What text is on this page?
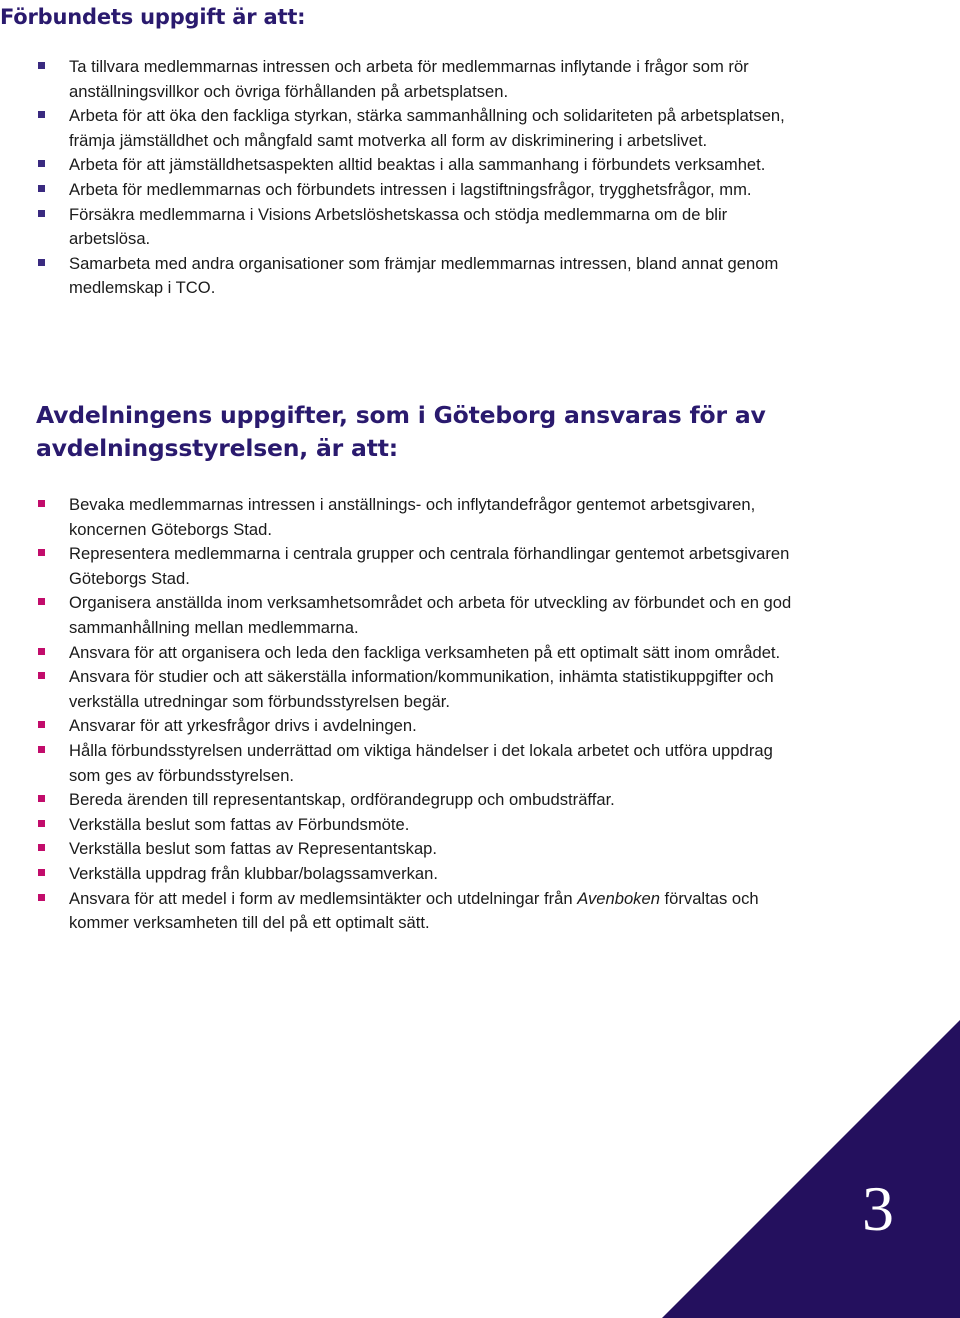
Förbundets uppgift är att:
Ta tillvara medlemmarnas intressen och arbeta för medlemmarnas inflytande i frågor som rör anställningsvillkor och övriga förhållanden på arbetsplatsen.
Arbeta för att öka den fackliga styrkan, stärka sammanhållning och solidariteten på arbetsplatsen, främja jämställdhet och mångfald samt motverka all form av diskriminering i arbetslivet.
Arbeta för att jämställdhetsaspekten alltid beaktas i alla sammanhang i förbundets verksamhet.
Arbeta för medlemmarnas och förbundets intressen i lagstiftningsfrågor, trygghetsfrågor, mm.
Försäkra medlemmarna i Visions Arbetslöshetskassa och stödja medlemmarna om de blir arbetslösa.
Samarbeta med andra organisationer som främjar medlemmarnas intressen, bland annat genom medlemskap i TCO.
Avdelningens uppgifter, som i Göteborg ansvaras för av avdelningsstyrelsen, är att:
Bevaka medlemmarnas intressen i anställnings- och inflytandefrågor gentemot arbetsgivaren, koncernen Göteborgs Stad.
Representera medlemmarna i centrala grupper och centrala förhandlingar gentemot arbetsgivaren Göteborgs Stad.
Organisera anställda inom verksamhetsområdet och arbeta för utveckling av förbundet och en god sammanhållning mellan medlemmarna.
Ansvara för att organisera och leda den fackliga verksamheten på ett optimalt sätt inom området.
Ansvara för studier och att säkerställa information/kommunikation, inhämta statistikuppgifter och verkställa utredningar som förbundsstyrelsen begär.
Ansvarar för att yrkesfrågor drivs i avdelningen.
Hålla förbundsstyrelsen underrättad om viktiga händelser i det lokala arbetet och utföra uppdrag som ges av förbundsstyrelsen.
Bereda ärenden till representantskap, ordförandegrupp och ombudsträffar.
Verkställa beslut som fattas av Förbundsmöte.
Verkställa beslut som fattas av Representantskap.
Verkställa uppdrag från klubbar/bolagssamverkan.
Ansvara för att medel i form av medlemsintäkter och utdelningar från Avenboken förvaltas och kommer verksamheten till del på ett optimalt sätt.
3
